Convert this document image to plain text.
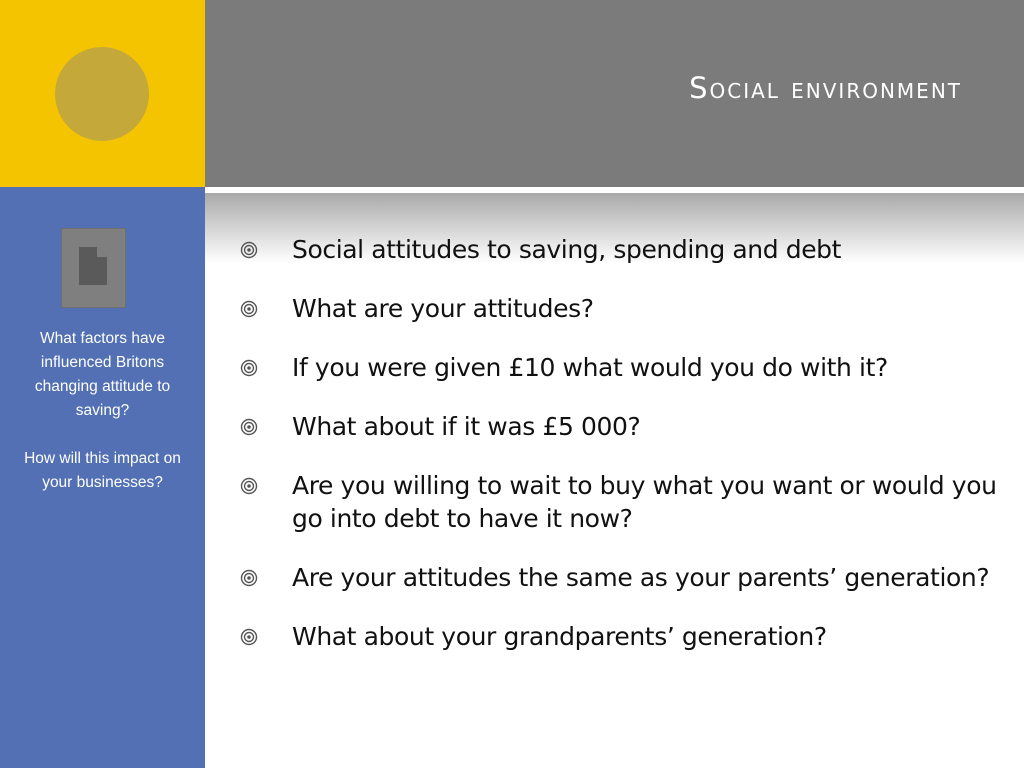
Social environment

What factors have influenced Britons changing attitude to saving?

How will this impact on your businesses?

Social attitudes to saving, spending and debt
What are your attitudes?
If you were given £10 what would you do with it?
What about if it was £5 000?
Are you willing to wait to buy what you want or would you go into debt to have it now?
Are your attitudes the same as your parents’ generation?
What about your grandparents’ generation?
